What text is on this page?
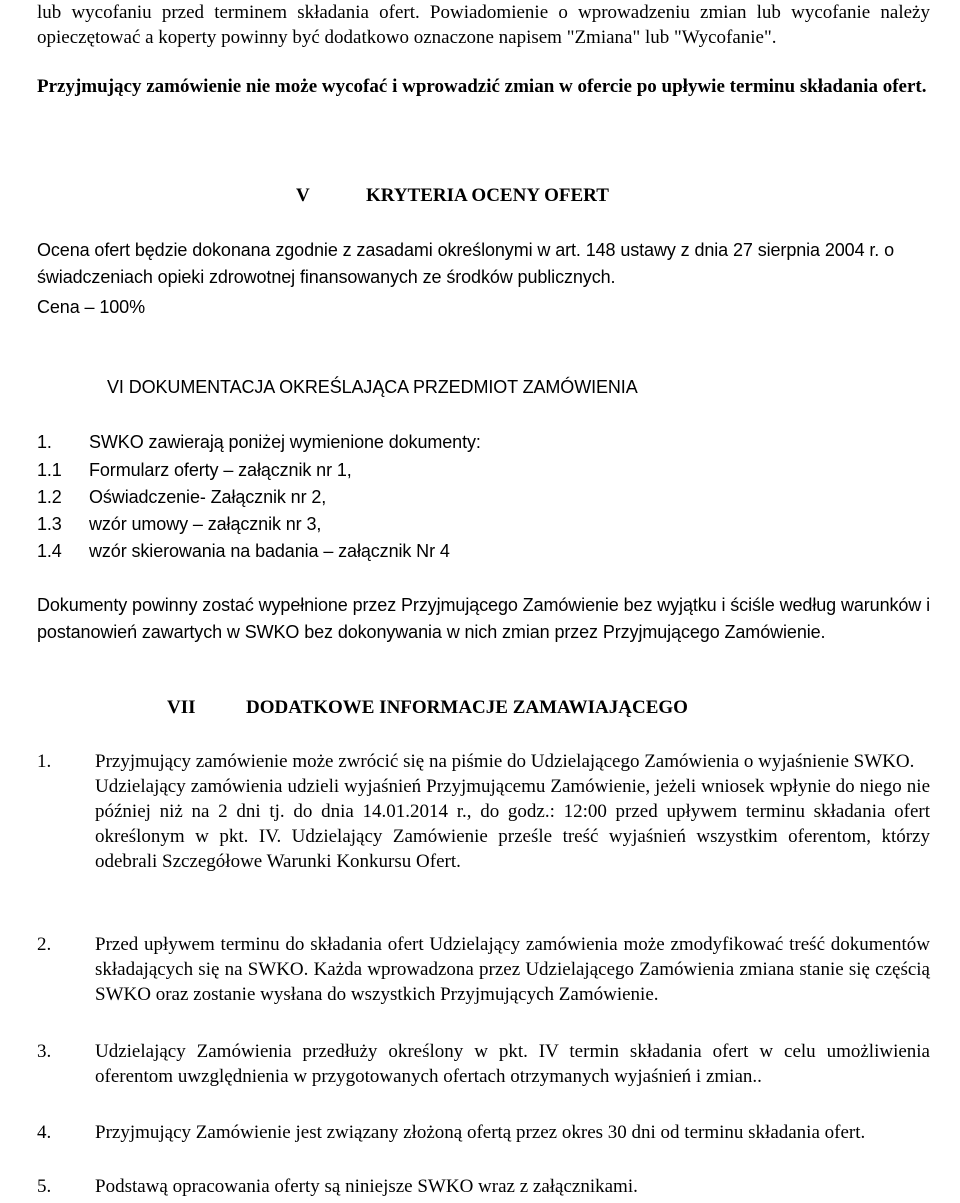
lub wycofaniu przed terminem składania ofert. Powiadomienie o wprowadzeniu zmian lub wycofanie należy opieczętować a koperty powinny być dodatkowo oznaczone napisem "Zmiana" lub "Wycofanie".
Przyjmujący zamówienie nie może wycofać i wprowadzić zmian w ofercie po upływie terminu składania ofert.
V	KRYTERIA OCENY OFERT
Ocena ofert będzie dokonana zgodnie z zasadami określonymi w art. 148 ustawy z dnia 27 sierpnia 2004 r. o świadczeniach opieki zdrowotnej finansowanych ze środków publicznych.
Cena – 100%
VI DOKUMENTACJA OKREŚLAJĄCA PRZEDMIOT ZAMÓWIENIA
1. SWKO zawierają poniżej wymienione dokumenty:
1.1 Formularz oferty – załącznik nr 1,
1.2 Oświadczenie- Załącznik nr 2,
1.3 wzór umowy – załącznik nr 3,
1.4 wzór skierowania na badania – załącznik Nr 4
Dokumenty powinny zostać wypełnione przez Przyjmującego Zamówienie bez wyjątku i ściśle według warunków i postanowień zawartych w SWKO bez dokonywania w nich zmian przez Przyjmującego Zamówienie.
VII	DODATKOWE INFORMACJE ZAMAWIAJĄCEGO
1. Przyjmujący zamówienie może zwrócić się na piśmie do Udzielającego Zamówienia o wyjaśnienie SWKO.

Udzielający zamówienia udzieli wyjaśnień Przyjmującemu Zamówienie, jeżeli wniosek wpłynie do niego nie później niż na 2 dni tj. do dnia 14.01.2014 r., do godz.: 12:00 przed upływem terminu składania ofert określonym w pkt. IV. Udzielający Zamówienie prześle treść wyjaśnień wszystkim oferentom, którzy odebrali Szczegółowe Warunki Konkursu Ofert.

2. Przed upływem terminu do składania ofert Udzielający zamówienia może zmodyfikować treść dokumentów składających się na SWKO. Każda wprowadzona przez Udzielającego Zamówienia zmiana stanie się częścią SWKO oraz zostanie wysłana do wszystkich Przyjmujących Zamówienie.

3. Udzielający Zamówienia przedłuży określony w pkt. IV termin składania ofert w celu umożliwienia oferentom uwzględnienia w przygotowanych ofertach otrzymanych wyjaśnień i zmian..

4. Przyjmujący Zamówienie jest związany złożoną ofertą przez okres 30 dni od terminu składania ofert.

5. Podstawą opracowania oferty są niniejsze SWKO wraz z załącznikami.
